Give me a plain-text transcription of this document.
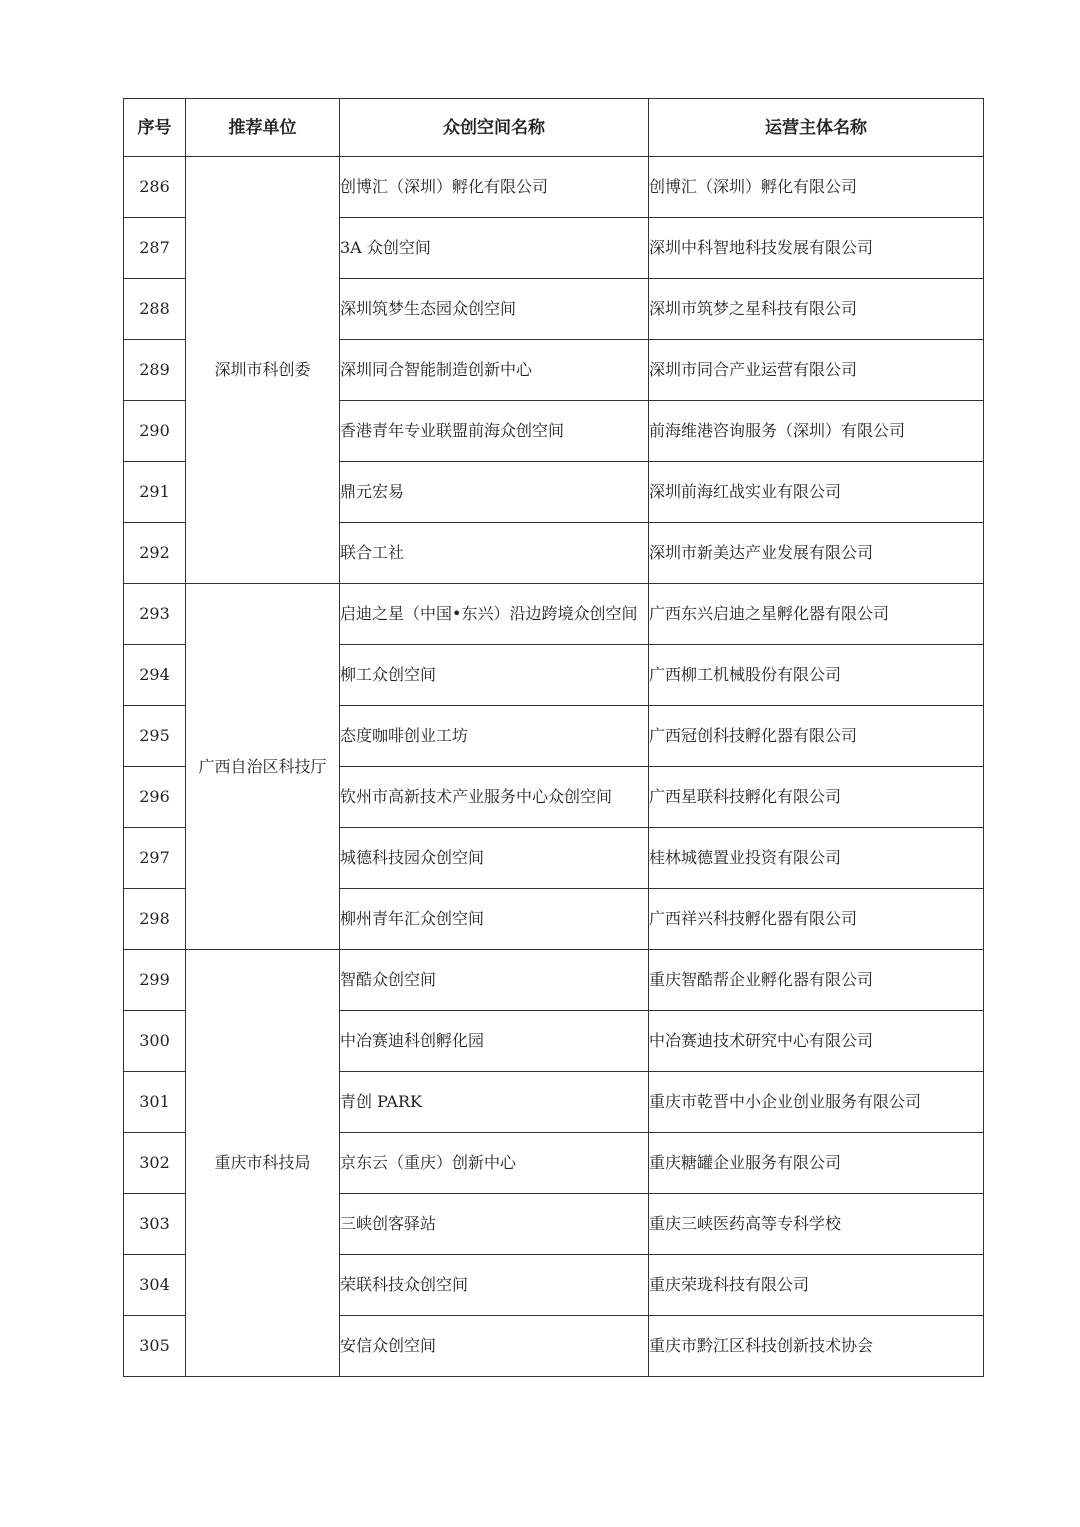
序号	推荐单位	众创空间名称	运营主体名称
286	深圳市科创委	创博汇（深圳）孵化有限公司	创博汇（深圳）孵化有限公司
287		3A 众创空间	深圳中科智地科技发展有限公司
288		深圳筑梦生态园众创空间	深圳市筑梦之星科技有限公司
289		深圳同合智能制造创新中心	深圳市同合产业运营有限公司
290		香港青年专业联盟前海众创空间	前海维港咨询服务（深圳）有限公司
291		鼎元宏易	深圳前海红战实业有限公司
292		联合工社	深圳市新美达产业发展有限公司
293	广西自治区科技厅	启迪之星（中国•东兴）沿边跨境众创空间	广西东兴启迪之星孵化器有限公司
294		柳工众创空间	广西柳工机械股份有限公司
295		态度咖啡创业工坊	广西冠创科技孵化器有限公司
296		钦州市高新技术产业服务中心众创空间	广西星联科技孵化有限公司
297		城德科技园众创空间	桂林城德置业投资有限公司
298		柳州青年汇众创空间	广西祥兴科技孵化器有限公司
299	重庆市科技局	智酷众创空间	重庆智酷帮企业孵化器有限公司
300		中冶赛迪科创孵化园	中冶赛迪技术研究中心有限公司
301		青创 PARK	重庆市乾晋中小企业创业服务有限公司
302		京东云（重庆）创新中心	重庆糖罐企业服务有限公司
303		三峡创客驿站	重庆三峡医药高等专科学校
304		荣联科技众创空间	重庆荣珑科技有限公司
305		安信众创空间	重庆市黔江区科技创新技术协会
